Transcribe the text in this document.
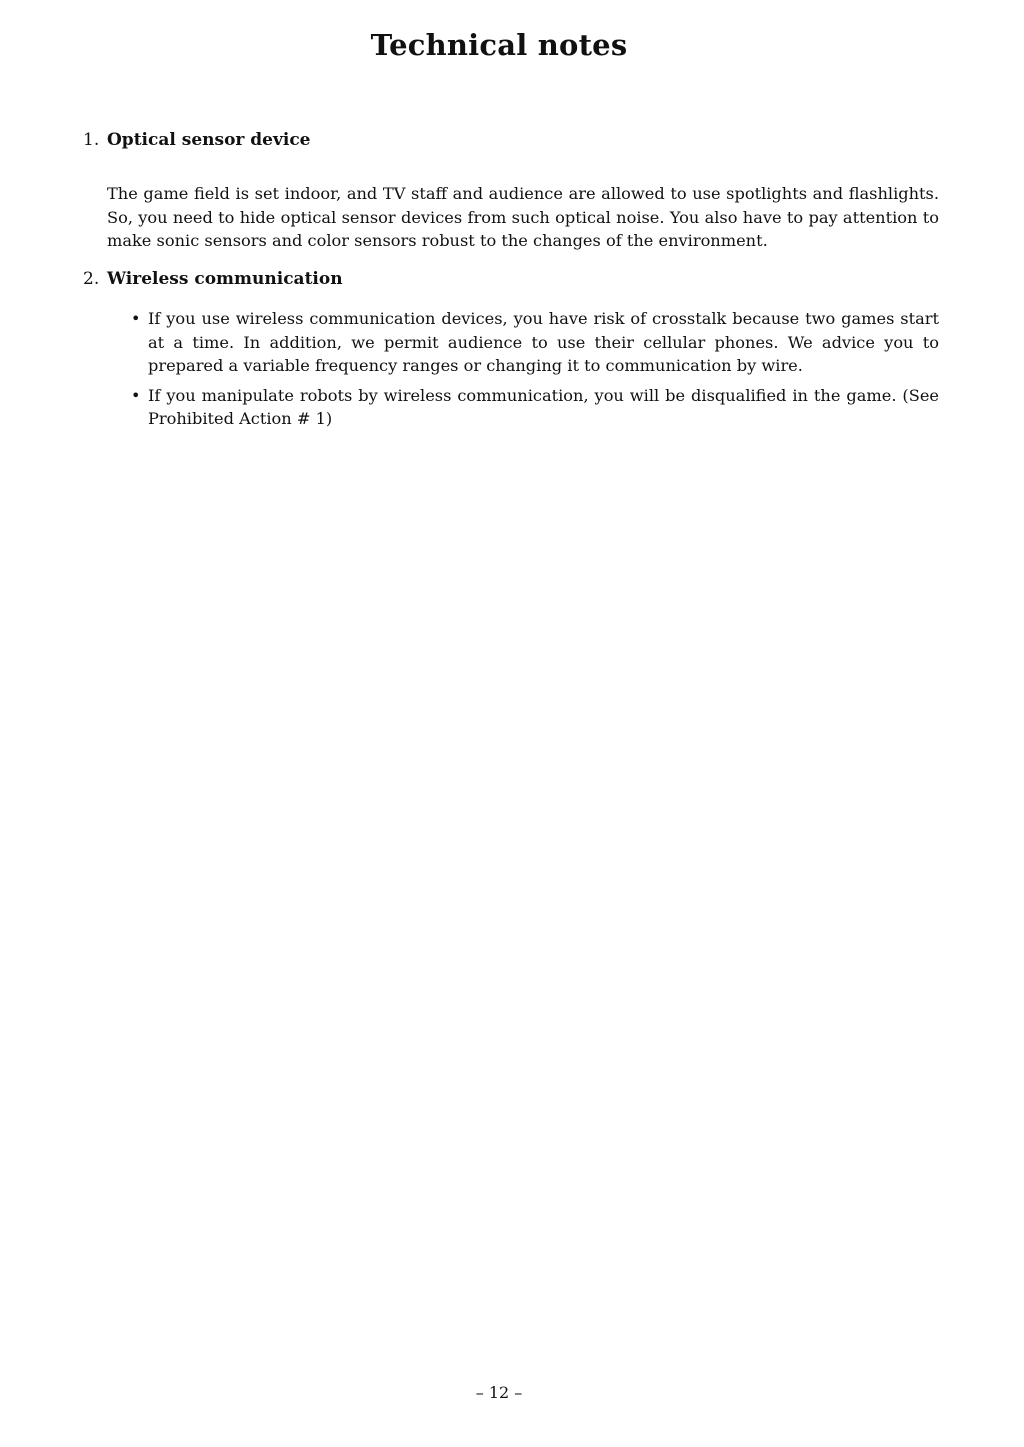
Technical notes
1. Optical sensor device

The game field is set indoor, and TV staff and audience are allowed to use spotlights and flashlights. So, you need to hide optical sensor devices from such optical noise. You also have to pay attention to make sonic sensors and color sensors robust to the changes of the environment.

2. Wireless communication
• If you use wireless communication devices, you have risk of crosstalk because two games start at a time. In addition, we permit audience to use their cellular phones. We advice you to prepared a variable frequency ranges or changing it to communication by wire.
• If you manipulate robots by wireless communication, you will be disqualified in the game. (See Prohibited Action # 1)
– 12 –
